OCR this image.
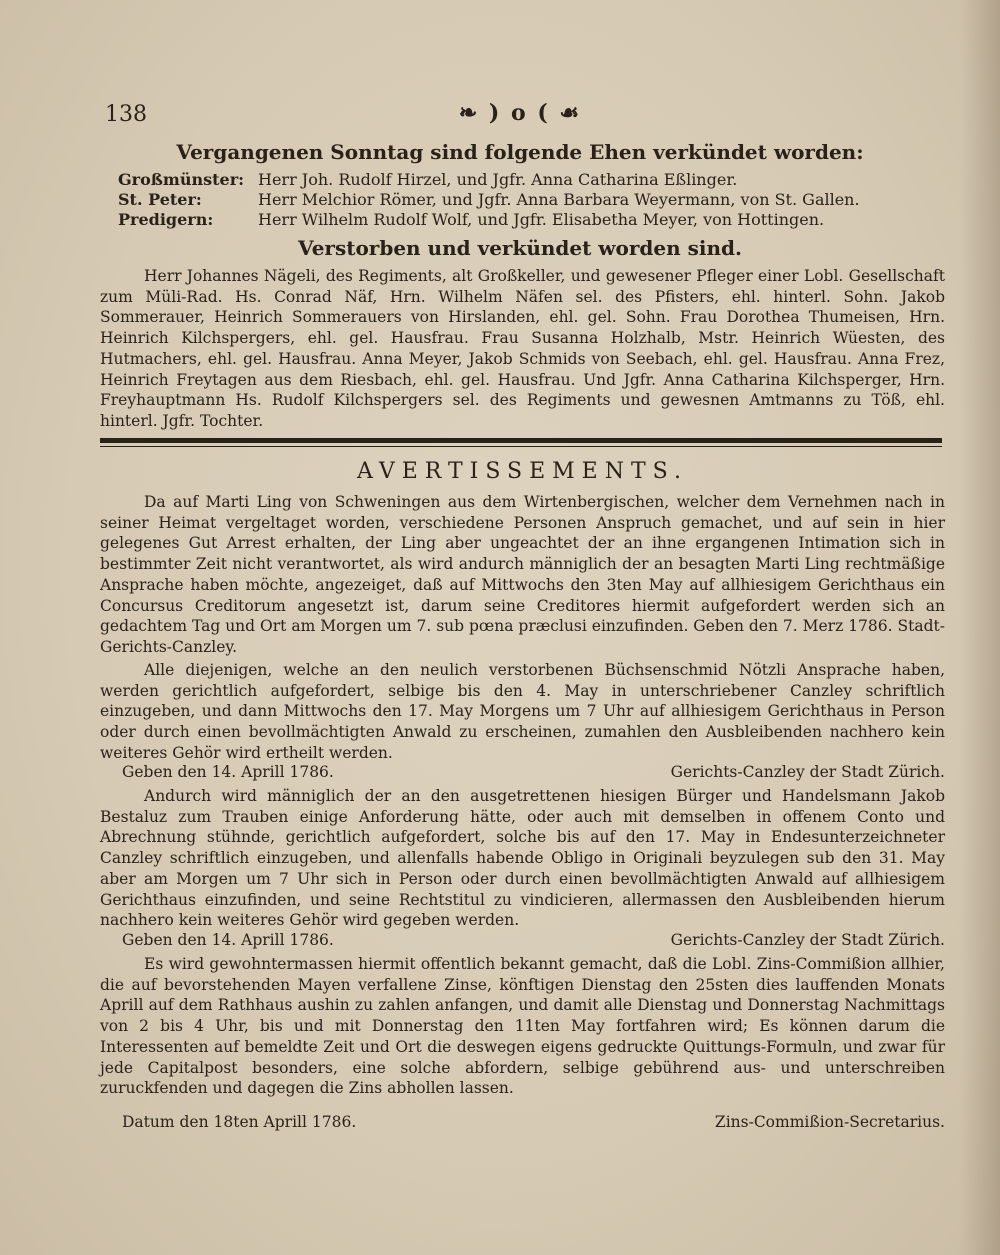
138	❧ ) o ( ☙
Vergangenen Sonntag sind folgende Ehen verkündet worden:
Großmünster: Herr Joh. Rudolf Hirzel, und Jgfr. Anna Catharina Eßlinger.
St. Peter:	Herr Melchior Römer, und Jgfr. Anna Barbara Weyermann, von St. Gallen.
Predigern:	Herr Wilhelm Rudolf Wolf, und Jgfr. Elisabetha Meyer, von Hottingen.
Verstorben und verkündet worden sind.
Herr Johannes Nägeli, des Regiments, alt Großkeller, und gewesener Pfleger einer Lobl. Gesellschaft zum Müli-Rad. Hs. Conrad Näf, Hrn. Wilhelm Näfen sel. des Pfisters, ehl. hinterl. Sohn. Jakob Sommerauer, Heinrich Sommerauers von Hirslanden, ehl. gel. Sohn. Frau Dorothea Thumeisen, Hrn. Heinrich Kilchspergers, ehl. gel. Hausfrau. Frau Susanna Holzhalb, Mstr. Heinrich Wüesten, des Hutmachers, ehl. gel. Hausfrau. Anna Meyer, Jakob Schmids von Seebach, ehl. gel. Hausfrau. Anna Frez, Heinrich Freytagen aus dem Riesbach, ehl. gel. Hausfrau. Und Jgfr. Anna Catharina Kilchsperger, Hrn. Freyhauptmann Hs. Rudolf Kilchspergers sel. des Regiments und gewesnen Amtmanns zu Töß, ehl. hinterl. Jgfr. Tochter.
AVERTISSEMENTS.
Da auf Marti Ling von Schweningen aus dem Wirtenbergischen, welcher dem Vernehmen nach in seiner Heimat vergeltaget worden, verschiedene Personen Anspruch gemachet, und auf sein in hier gelegenes Gut Arrest erhalten, der Ling aber ungeachtet der an ihne ergangenen Intimation sich in bestimmter Zeit nicht verantwortet, als wird andurch männiglich der an besagten Marti Ling rechtmäßige Ansprache haben möchte, angezeiget, daß auf Mittwochs den 3ten May auf allhiesigem Gerichthaus ein Concursus Creditorum angesetzt ist, darum seine Creditores hiermit aufgefordert werden sich an gedachtem Tag und Ort am Morgen um 7. sub pœna præclusi einzufinden. Geben den 7. Merz 1786. Stadt-Gerichts-Canzley.
Alle diejenigen, welche an den neulich verstorbenen Büchsenschmid Nötzli Ansprache haben, werden gerichtlich aufgefordert, selbige bis den 4. May in unterschriebener Canzley schriftlich einzugeben, und dann Mittwochs den 17. May Morgens um 7 Uhr auf allhiesigem Gerichthaus in Person oder durch einen bevollmächtigten Anwald zu erscheinen, zumahlen den Ausbleibenden nachhero kein weiteres Gehör wird ertheilt werden.
Geben den 14. Aprill 1786.	Gerichts-Canzley der Stadt Zürich.
Andurch wird männiglich der an den ausgetrettenen hiesigen Bürger und Handelsmann Jakob Bestaluz zum Trauben einige Anforderung hätte, oder auch mit demselben in offenem Conto und Abrechnung stühnde, gerichtlich aufgefordert, solche bis auf den 17. May in Endesunterzeichneter Canzley schriftlich einzugeben, und allenfalls habende Obligo in Originali beyzulegen sub den 31. May aber am Morgen um 7 Uhr sich in Person oder durch einen bevollmächtigten Anwald auf allhiesigem Gerichthaus einzufinden, und seine Rechtstitul zu vindicieren, allermassen den Ausbleibenden hierum nachhero kein weiteres Gehör wird gegeben werden.
Geben den 14. Aprill 1786.	Gerichts-Canzley der Stadt Zürich.
Es wird gewohntermassen hiermit offentlich bekannt gemacht, daß die Lobl. Zins-Commißion allhier, die auf bevorstehenden Mayen verfallene Zinse, könftigen Dienstag den 25sten dies lauffenden Monats Aprill auf dem Rathhaus aushin zu zahlen anfangen, und damit alle Dienstag und Donnerstag Nachmittags von 2 bis 4 Uhr, bis und mit Donnerstag den 11ten May fortfahren wird; Es können darum die Interessenten auf bemeldte Zeit und Ort die deswegen eigens gedruckte Quittungs-Formuln, und zwar für jede Capitalpost besonders, eine solche abfordern, selbige gebührend aus- und unterschreiben zuruckfenden und dagegen die Zins abhollen lassen.
Datum den 18ten Aprill 1786.	Zins-Commißion-Secretarius.
